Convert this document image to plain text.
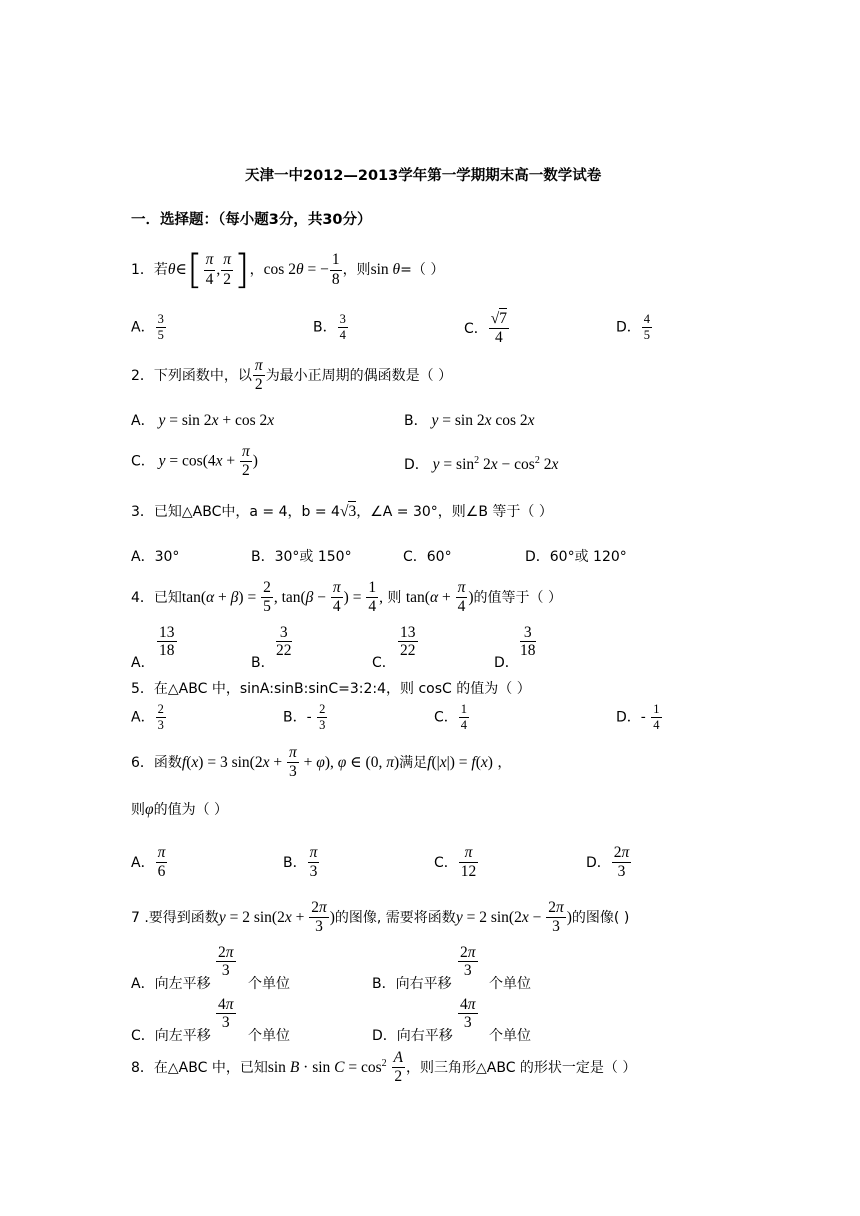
天津一中2012—2013学年第一学期期末高一数学试卷
一．选择题：（每小题3分，共30分）
1．若θ∈[ $\frac{\pi}{4}$ , $\frac{\pi}{2}$ ]，cos 2θ = − $\frac{1}{8}$ ，则sin θ=（ ）
A． $\frac{3}{5}$	B． $\frac{3}{4}$	C． $\frac{√7}{4}$	D． $\frac{4}{5}$
2．下列函数中，以 $\frac{\pi}{2}$ 为最小正周期的偶函数是（ ）
A． y = sin 2x + cos 2x	B． y = sin 2x cos 2x
C． $y = \cos(4x + \frac{\pi}{2}$ )	D． $y = \sin^2 2x - \cos^2 2x$
3．已知△ABC中，a = 4，b = 4√3，∠A = 30°，则∠B 等于（ ）
A．30°	B．30°或 150°	C．60°	D．60°或 120°
4．已知$\tan(\alpha + \beta) = \frac{2}{5}$ , $\tan(\beta - \frac{\pi}{4}$ ) = $\frac{1}{4}$ , 则 $\tan(\alpha + \frac{\pi}{4}$ )的值等于（ ）
A．
$\frac{13}{18}$
B．
$\frac{3}{22}$
C．
$\frac{13}{22}$
D．
$\frac{3}{18}$
5．在△ABC 中，sinA:sinB:sinC=3:2:4，则 cosC 的值为（ ）
A． $\frac{2}{3}$	B．- $\frac{2}{3}$	C． $\frac{1}{4}$	D．- $\frac{1}{4}$
6．函数f(x) = 3 $\sin(2x + \frac{\pi}{3} + \varphi)$, φ ∈ (0, π)满足f(|x|) = f(x) ，
则φ的值为（ ）
A． $\frac{\pi}{6}$	B． $\frac{\pi}{3}$	C． $\frac{\pi}{12}$	D． $\frac{2\pi}{3}$
7 .要得到函数y = 2 $\sin(2x + \frac{2\pi}{3}$ )的图像, 需要将函数y = 2 $\sin(2x - \frac{2\pi}{3}$ )的图像( )
A．向左平移
$\frac{2\pi}{3}$
个单位	B．向右平移
$\frac{2\pi}{3}$
个单位
C．向左平移
$\frac{4\pi}{3}$
个单位	D．向右平移
$\frac{4\pi}{3}$
个单位
8．在△ABC 中，已知$\sin B \cdot \sin C = \cos^2 \frac{A}{2}$ ，则三角形△ABC 的形状一定是（ ）
